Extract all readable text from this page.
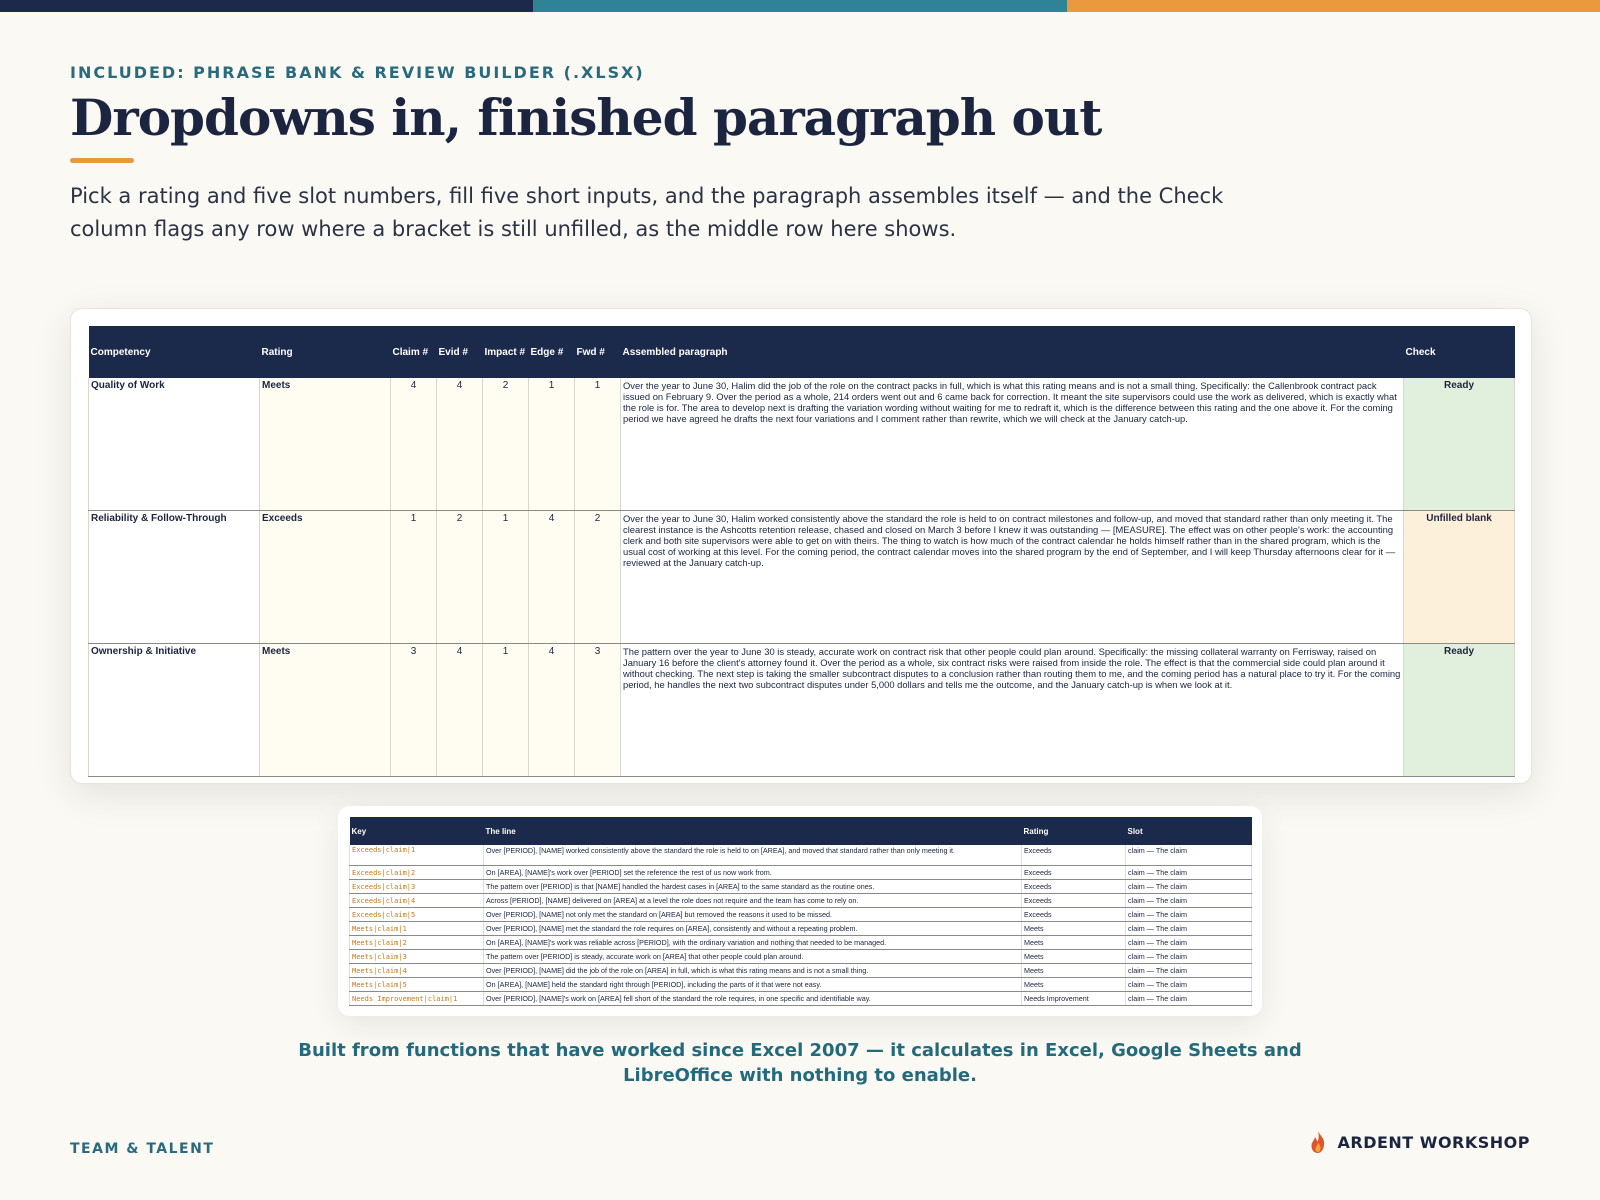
INCLUDED: PHRASE BANK & REVIEW BUILDER (.XLSX)
Dropdowns in, finished paragraph out

Pick a rating and five slot numbers, fill five short inputs, and the paragraph assembles itself — and the Check column flags any row where a bracket is still unfilled, as the middle row here shows.

Competency	Rating	Claim #	Evid #	Impact #	Edge #	Fwd #	Assembled paragraph	Check
Quality of Work	Meets	4	4	2	1	1	Over the year to June 30, Halim did the job of the role on the contract packs in full, which is what this rating means and is not a small thing. Specifically: the Callenbrook contract pack issued on February 9. Over the period as a whole, 214 orders went out and 6 came back for correction. It meant the site supervisors could use the work as delivered, which is exactly what the role is for. The area to develop next is drafting the variation wording without waiting for me to redraft it, which is the difference between this rating and the one above it. For the coming period we have agreed he drafts the next four variations and I comment rather than rewrite, which we will check at the January catch-up.	Ready
Reliability & Follow-Through	Exceeds	1	2	1	4	2	Over the year to June 30, Halim worked consistently above the standard the role is held to on contract milestones and follow-up, and moved that standard rather than only meeting it. The clearest instance is the Ashcotts retention release, chased and closed on March 3 before I knew it was outstanding — [MEASURE]. The effect was on other people's work: the accounting clerk and both site supervisors were able to get on with theirs. The thing to watch is how much of the contract calendar he holds himself rather than in the shared program, which is the usual cost of working at this level. For the coming period, the contract calendar moves into the shared program by the end of September, and I will keep Thursday afternoons clear for it — reviewed at the January catch-up.	Unfilled blank
Ownership & Initiative	Meets	3	4	1	4	3	The pattern over the year to June 30 is steady, accurate work on contract risk that other people could plan around. Specifically: the missing collateral warranty on Ferrisway, raised on January 16 before the client's attorney found it. Over the period as a whole, six contract risks were raised from inside the role. The effect is that the commercial side could plan around it without checking. The next step is taking the smaller subcontract disputes to a conclusion rather than routing them to me, and the coming period has a natural place to try it. For the coming period, he handles the next two subcontract disputes under 5,000 dollars and tells me the outcome, and the January catch-up is when we look at it.	Ready
Key	The line	Rating	Slot
Exceeds|claim|1	Over [PERIOD], [NAME] worked consistently above the standard the role is held to on [AREA], and moved that standard rather than only meeting it.	Exceeds	claim — The claim
Exceeds|claim|2	On [AREA], [NAME]'s work over [PERIOD] set the reference the rest of us now work from.	Exceeds	claim — The claim
Exceeds|claim|3	The pattern over [PERIOD] is that [NAME] handled the hardest cases in [AREA] to the same standard as the routine ones.	Exceeds	claim — The claim
Exceeds|claim|4	Across [PERIOD], [NAME] delivered on [AREA] at a level the role does not require and the team has come to rely on.	Exceeds	claim — The claim
Exceeds|claim|5	Over [PERIOD], [NAME] not only met the standard on [AREA] but removed the reasons it used to be missed.	Exceeds	claim — The claim
Meets|claim|1	Over [PERIOD], [NAME] met the standard the role requires on [AREA], consistently and without a repeating problem.	Meets	claim — The claim
Meets|claim|2	On [AREA], [NAME]'s work was reliable across [PERIOD], with the ordinary variation and nothing that needed to be managed.	Meets	claim — The claim
Meets|claim|3	The pattern over [PERIOD] is steady, accurate work on [AREA] that other people could plan around.	Meets	claim — The claim
Meets|claim|4	Over [PERIOD], [NAME] did the job of the role on [AREA] in full, which is what this rating means and is not a small thing.	Meets	claim — The claim
Meets|claim|5	On [AREA], [NAME] held the standard right through [PERIOD], including the parts of it that were not easy.	Meets	claim — The claim
Needs Improvement|claim|1	Over [PERIOD], [NAME]'s work on [AREA] fell short of the standard the role requires, in one specific and identifiable way.	Needs Improvement	claim — The claim

Built from functions that have worked since Excel 2007 — it calculates in Excel, Google Sheets and LibreOffice with nothing to enable.

TEAM & TALENT	ARDENT WORKSHOP
